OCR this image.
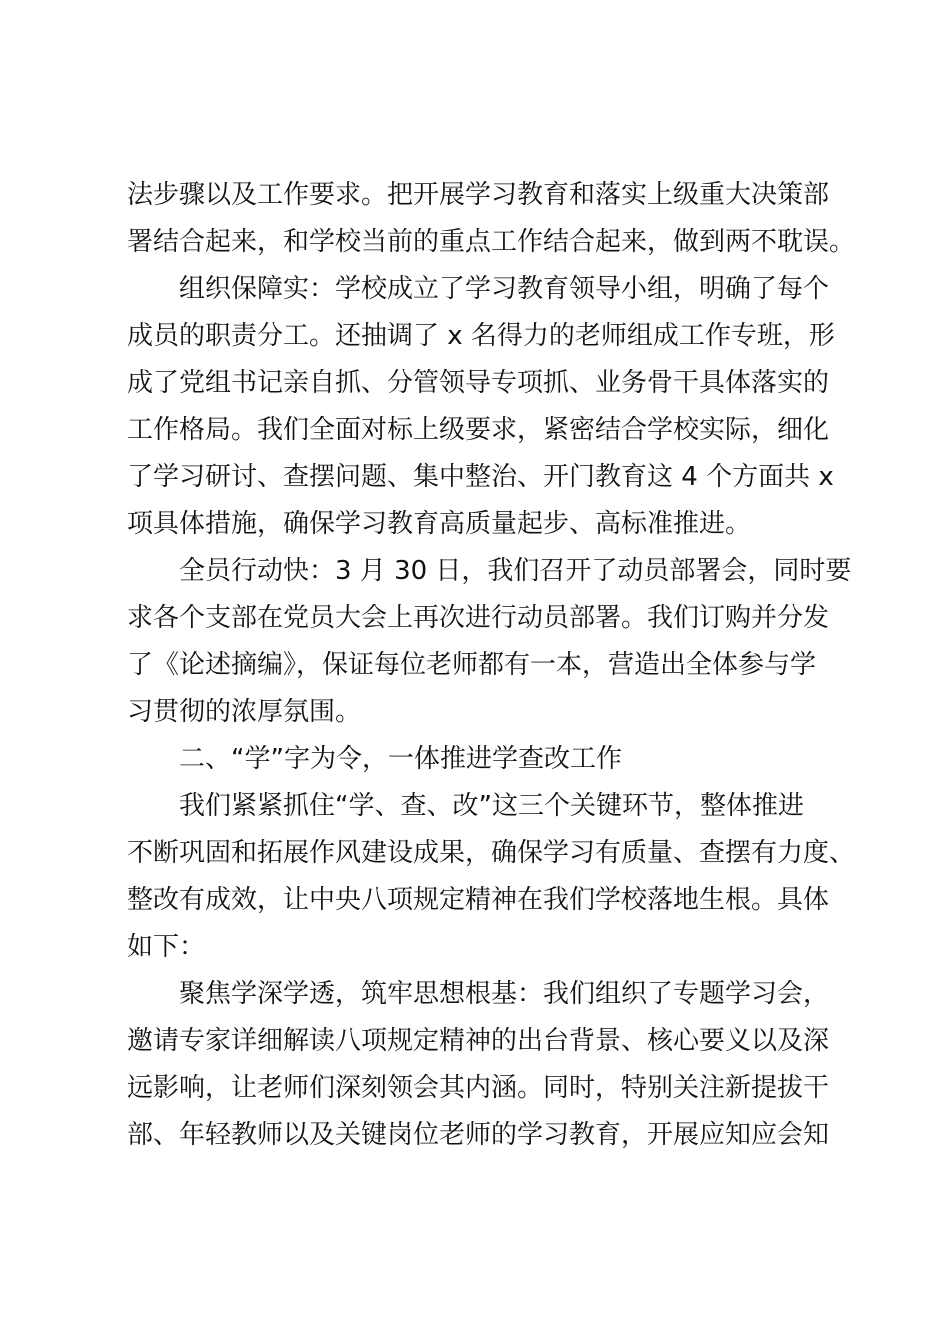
法步骤以及工作要求。把开展学习教育和落实上级重大决策部
署结合起来，和学校当前的重点工作结合起来，做到两不耽误。
组织保障实：学校成立了学习教育领导小组，明确了每个
成员的职责分工。还抽调了 x 名得力的老师组成工作专班，形
成了党组书记亲自抓、分管领导专项抓、业务骨干具体落实的
工作格局。我们全面对标上级要求，紧密结合学校实际，细化
了学习研讨、查摆问题、集中整治、开门教育这 4 个方面共 x
项具体措施，确保学习教育高质量起步、高标准推进。
全员行动快：3 月 30 日，我们召开了动员部署会，同时要
求各个支部在党员大会上再次进行动员部署。我们订购并分发
了《论述摘编》，保证每位老师都有一本，营造出全体参与学
习贯彻的浓厚氛围。
二、“学”字为令，一体推进学查改工作
我们紧紧抓住“学、查、改”这三个关键环节，整体推进
不断巩固和拓展作风建设成果，确保学习有质量、查摆有力度、
整改有成效，让中央八项规定精神在我们学校落地生根。具体
如下：
聚焦学深学透，筑牢思想根基：我们组织了专题学习会，
邀请专家详细解读八项规定精神的出台背景、核心要义以及深
远影响，让老师们深刻领会其内涵。同时，特别关注新提拔干
部、年轻教师以及关键岗位老师的学习教育，开展应知应会知
